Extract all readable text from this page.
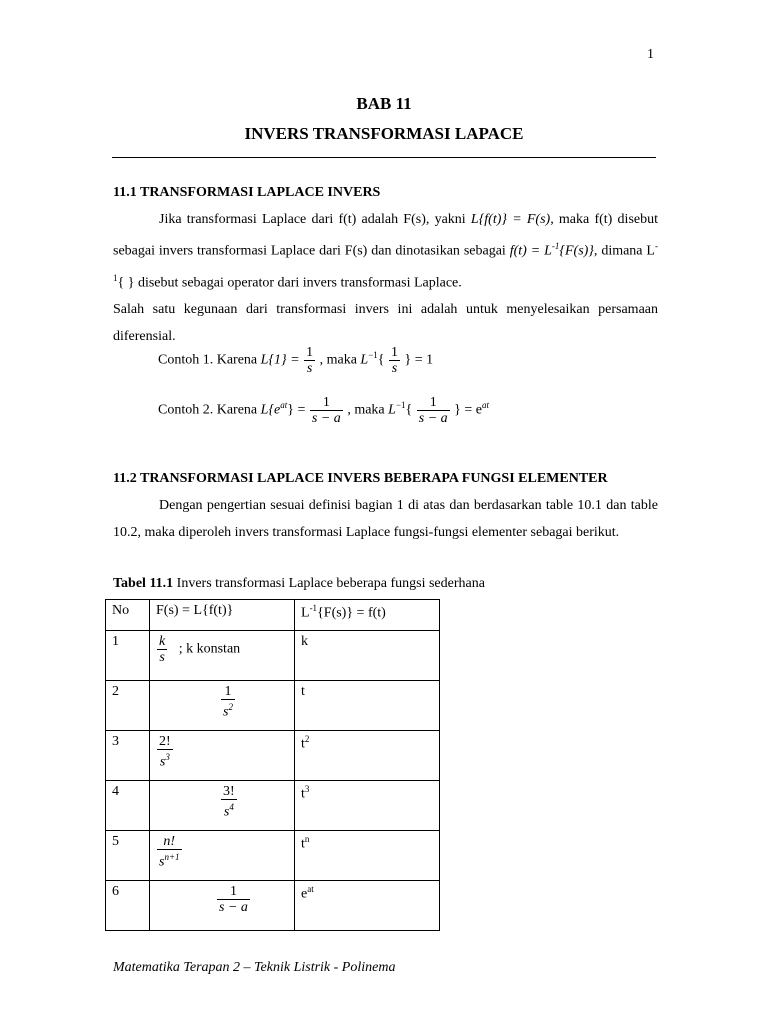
1
BAB 11
INVERS TRANSFORMASI LAPACE
11.1 TRANSFORMASI LAPLACE INVERS

Jika transformasi Laplace dari f(t) adalah F(s), yakni L{f(t)} = F(s), maka f(t) disebut sebagai invers transformasi Laplace dari F(s) dan dinotasikan sebagai $f(t) = L^{-1}\{F(s)\}$, dimana $L^{-1}${ } disebut sebagai operator dari invers transformasi Laplace.

Salah satu kegunaan dari transformasi invers ini adalah untuk menyelesaikan persamaan diferensial.

Contoh 1. Karena $L\{1\} = \frac{1}{s}$ , maka $L^{-1}\{ \frac{1}{s}$ } = 1
Contoh 2. Karena $L\{e^{at}\} = \frac{1}{s - a}$ , maka $L^{-1}\{ \frac{1}{s - a}$ } = $e^{at}$
11.2 TRANSFORMASI LAPLACE INVERS BEBERAPA FUNGSI ELEMENTER

Dengan pengertian sesuai definisi bagian 1 di atas dan berdasarkan table 10.1 dan table 10.2, maka diperoleh invers transformasi Laplace fungsi-fungsi elementer sebagai berikut.

Tabel 11.1 Invers transformasi Laplace beberapa fungsi sederhana
No	F(s) = L{f(t)}	$L^{-1}\{F(s)\} = f(t)$
1	$\frac{k}{s}$ ; k konstan	k
2	$\frac{1}{s^2}$	t
3	$\frac{2!}{s^3}$	$t^2$
4	$\frac{3!}{s^4}$	$t^3$
5	$\frac{n!}{s^{n+1}}$	$t^n$
6	$\frac{1}{s - a}$	$e^{at}$
Matematika Terapan 2 – Teknik Listrik - Polinema
